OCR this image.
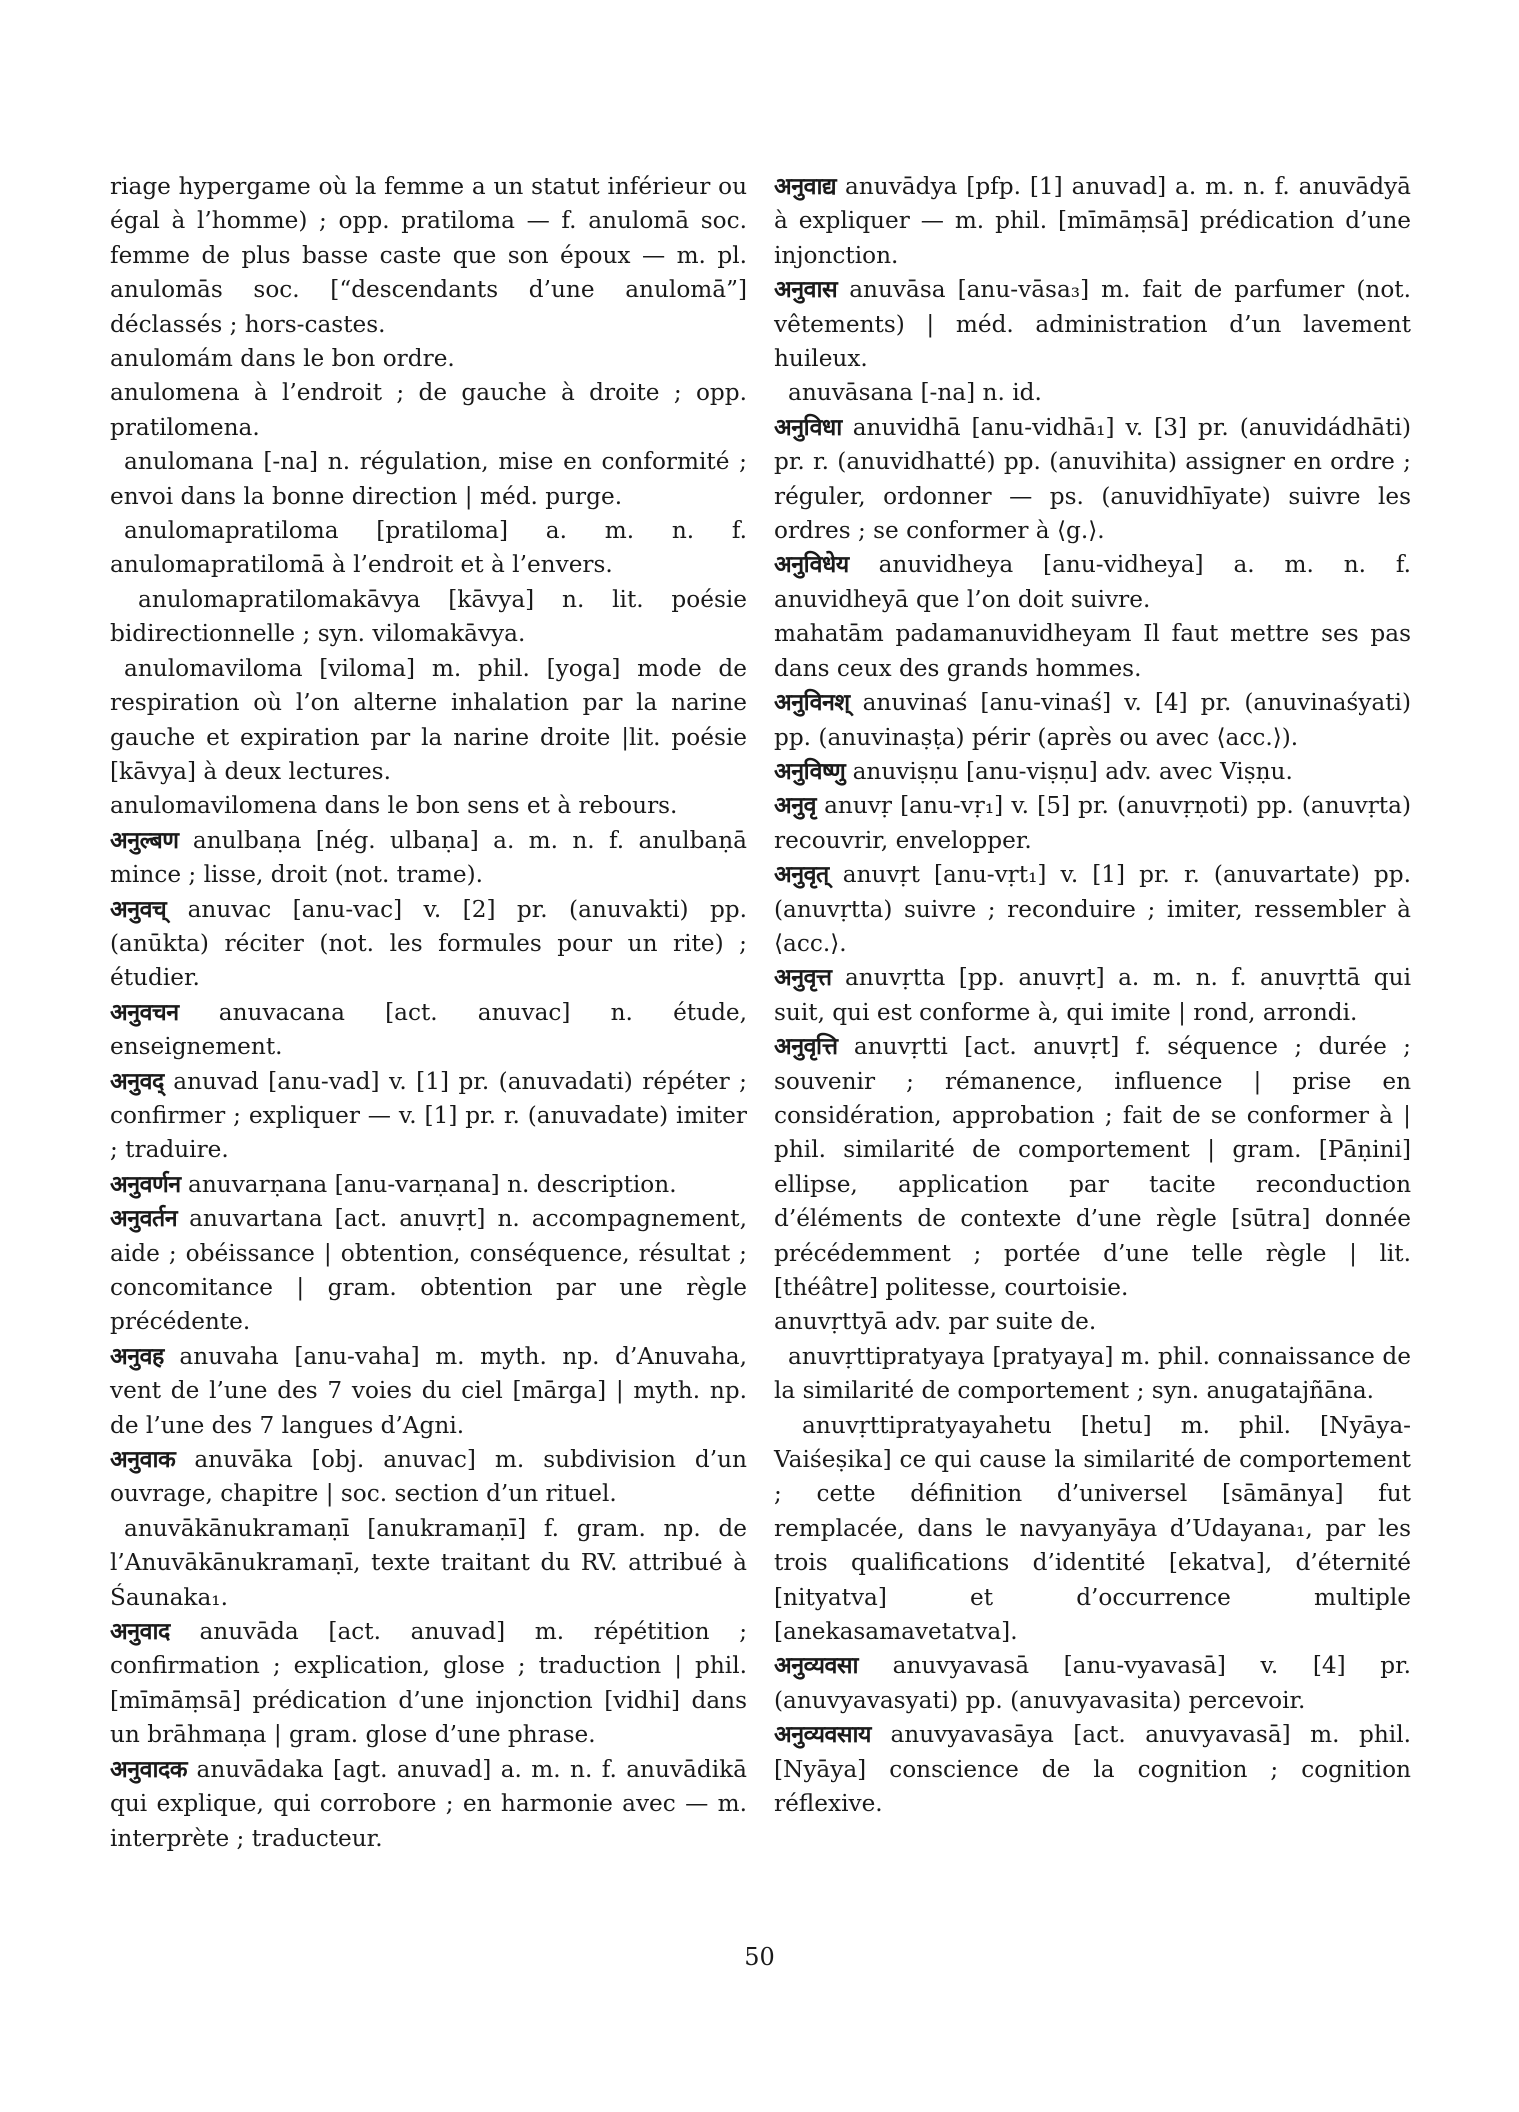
riage hypergame où la femme a un statut inférieur ou égal à l’homme) ; opp. pratiloma — f. anulomā soc. femme de plus basse caste que son époux — m. pl. anulomās soc. [“descendants d’une anulomā”] déclassés ; hors-castes.

anulomám dans le bon ordre.

anulomena à l’endroit ; de gauche à droite ; opp. pratilomena.

anulomana [-na] n. régulation, mise en conformité ; envoi dans la bonne direction | méd. purge.

anulomapratiloma [pratiloma] a. m. n. f. anulomapratilomā à l’endroit et à l’envers.

anulomapratilomakāvya [kāvya] n. lit. poésie bidirectionnelle ; syn. vilomakāvya.

anulomaviloma [viloma] m. phil. [yoga] mode de respiration où l’on alterne inhalation par la narine gauche et expiration par la narine droite |lit. poésie [kāvya] à deux lectures.

anulomavilomena dans le bon sens et à rebours.

अनुल्बण anulbaṇa [nég. ulbaṇa] a. m. n. f. anulbaṇā mince ; lisse, droit (not. trame).

अनुवच् anuvac [anu-vac] v. [2] pr. (anuvakti) pp. (anūkta) réciter (not. les formules pour un rite) ; étudier.

अनुवचन anuvacana [act. anuvac] n. étude, enseignement.

अनुवद् anuvad [anu-vad] v. [1] pr. (anuvadati) répéter ; confirmer ; expliquer — v. [1] pr. r. (anuvadate) imiter ; traduire.

अनुवर्णन anuvarṇana [anu-varṇana] n. description.

अनुवर्तन anuvartana [act. anuvṛt] n. accompagnement, aide ; obéissance | obtention, conséquence, résultat ; concomitance | gram. obtention par une règle précédente.

अनुवह anuvaha [anu-vaha] m. myth. np. d’Anuvaha, vent de l’une des 7 voies du ciel [mārga] | myth. np. de l’une des 7 langues d’Agni.

अनुवाक anuvāka [obj. anuvac] m. subdivision d’un ouvrage, chapitre | soc. section d’un rituel.

anuvākānukramaṇī [anukramaṇī] f. gram. np. de l’Anuvākānukramaṇī, texte traitant du RV. attribué à Śaunaka₁.

अनुवाद anuvāda [act. anuvad] m. répétition ; confirmation ; explication, glose ; traduction | phil. [mīmāṃsā] prédication d’une injonction [vidhi] dans un brāhmaṇa | gram. glose d’une phrase.

अनुवादक anuvādaka [agt. anuvad] a. m. n. f. anuvādikā qui explique, qui corrobore ; en harmonie avec — m. interprète ; traducteur.

अनुवाद्य anuvādya [pfp. [1] anuvad] a. m. n. f. anuvādyā à expliquer — m. phil. [mīmāṃsā] prédication d’une injonction.

अनुवास anuvāsa [anu-vāsa₃] m. fait de parfumer (not. vêtements) | méd. administration d’un lavement huileux.

anuvāsana [-na] n. id.

अनुविधा anuvidhā [anu-vidhā₁] v. [3] pr. (anuvidádhāti) pr. r. (anuvidhatté) pp. (anuvihita) assigner en ordre ; réguler, ordonner — ps. (anuvidhīyate) suivre les ordres ; se conformer à ⟨g.⟩.

अनुविधेय anuvidheya [anu-vidheya] a. m. n. f. anuvidheyā que l’on doit suivre.

mahatām padamanuvidheyam Il faut mettre ses pas dans ceux des grands hommes.

अनुविनश् anuvinaś [anu-vinaś] v. [4] pr. (anuvinaśyati) pp. (anuvinaṣṭa) périr (après ou avec ⟨acc.⟩).

अनुविष्णु anuviṣṇu [anu-viṣṇu] adv. avec Viṣṇu.

अनुवृ anuvṛ [anu-vṛ₁] v. [5] pr. (anuvṛṇoti) pp. (anuvṛta) recouvrir, envelopper.

अनुवृत् anuvṛt [anu-vṛt₁] v. [1] pr. r. (anuvartate) pp. (anuvṛtta) suivre ; reconduire ; imiter, ressembler à ⟨acc.⟩.

अनुवृत्त anuvṛtta [pp. anuvṛt] a. m. n. f. anuvṛttā qui suit, qui est conforme à, qui imite | rond, arrondi.

अनुवृत्ति anuvṛtti [act. anuvṛt] f. séquence ; durée ; souvenir ; rémanence, influence | prise en considération, approbation ; fait de se conformer à | phil. similarité de comportement | gram. [Pāṇini] ellipse, application par tacite reconduction d’éléments de contexte d’une règle [sūtra] donnée précédemment ; portée d’une telle règle | lit. [théâtre] politesse, courtoisie.

anuvṛttyā adv. par suite de.

anuvṛttipratyaya [pratyaya] m. phil. connaissance de la similarité de comportement ; syn. anugatajñāna.

anuvṛttipratyayahetu [hetu] m. phil. [Nyāya-Vaiśeṣika] ce qui cause la similarité de comportement ; cette définition d’universel [sāmānya] fut remplacée, dans le navyanyāya d’Udayana₁, par les trois qualifications d’identité [ekatva], d’éternité [nityatva] et d’occurrence multiple [anekasamavetatva].

अनुव्यवसा anuvyavasā [anu-vyavasā] v. [4] pr. (anuvyavasyati) pp. (anuvyavasita) percevoir.

अनुव्यवसाय anuvyavasāya [act. anuvyavasā] m. phil. [Nyāya] conscience de la cognition ; cognition réflexive.

50
